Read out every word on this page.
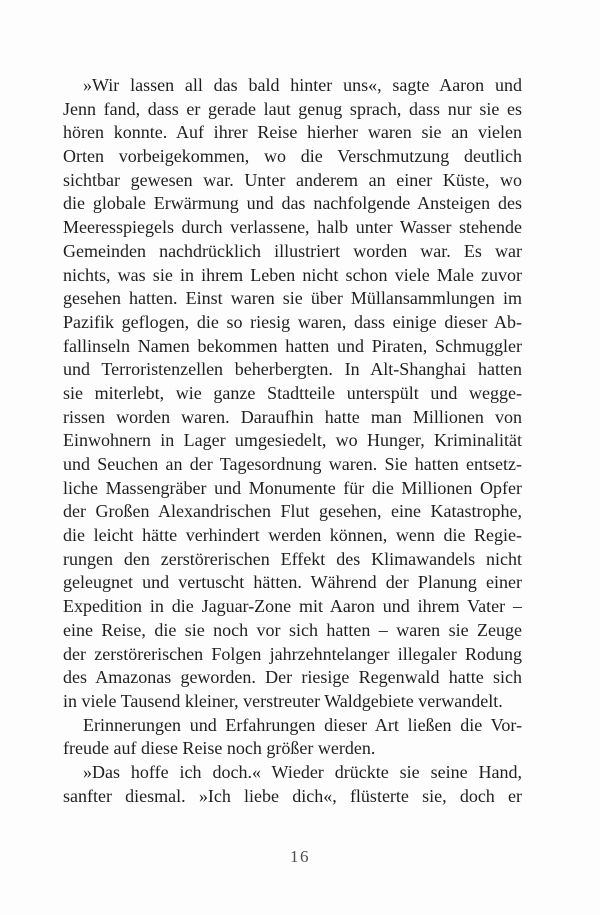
»Wir lassen all das bald hinter uns«, sagte Aaron und
Jenn fand, dass er gerade laut genug sprach, dass nur sie es
hören konnte. Auf ihrer Reise hierher waren sie an vielen
Orten vorbeigekommen, wo die Verschmutzung deutlich
sichtbar gewesen war. Unter anderem an einer Küste, wo
die globale Erwärmung und das nachfolgende Ansteigen des
Meeresspiegels durch verlassene, halb unter Wasser stehende
Gemeinden nachdrücklich illustriert worden war. Es war
nichts, was sie in ihrem Leben nicht schon viele Male zuvor
gesehen hatten. Einst waren sie über Müllansammlungen im
Pazifik geflogen, die so riesig waren, dass einige dieser Ab-
fallinseln Namen bekommen hatten und Piraten, Schmuggler
und Terroristenzellen beherbergten. In Alt-Shanghai hatten
sie miterlebt, wie ganze Stadtteile unterspült und wegge-
rissen worden waren. Daraufhin hatte man Millionen von
Einwohnern in Lager umgesiedelt, wo Hunger, Kriminalität
und Seuchen an der Tagesordnung waren. Sie hatten entsetz-
liche Massengräber und Monumente für die Millionen Opfer
der Großen Alexandrischen Flut gesehen, eine Katastrophe,
die leicht hätte verhindert werden können, wenn die Regie-
rungen den zerstörerischen Effekt des Klimawandels nicht
geleugnet und vertuscht hätten. Während der Planung einer
Expedition in die Jaguar-Zone mit Aaron und ihrem Vater –
eine Reise, die sie noch vor sich hatten – waren sie Zeuge
der zerstörerischen Folgen jahrzehntelanger illegaler Rodung
des Amazonas geworden. Der riesige Regenwald hatte sich
in viele Tausend kleiner, verstreuter Waldgebiete verwandelt.
Erinnerungen und Erfahrungen dieser Art ließen die Vor-
freude auf diese Reise noch größer werden.
»Das hoffe ich doch.« Wieder drückte sie seine Hand,
sanfter diesmal. »Ich liebe dich«, flüsterte sie, doch er
16
